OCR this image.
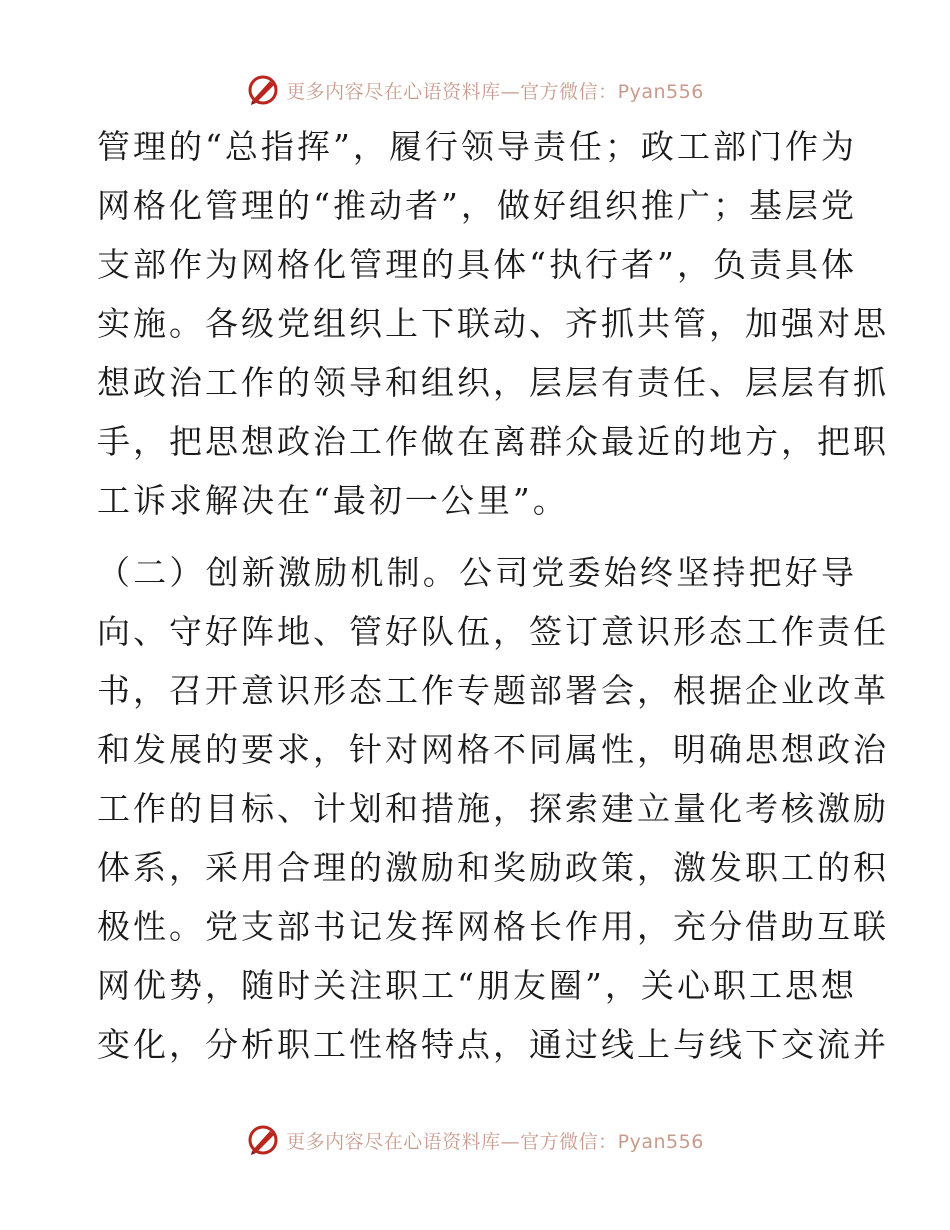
更多内容尽在心语资料库—官方微信：Pyan556
管理的“总指挥”，履行领导责任；政工部门作为
网格化管理的“推动者”，做好组织推广；基层党
支部作为网格化管理的具体“执行者”，负责具体
实施。各级党组织上下联动、齐抓共管，加强对思
想政治工作的领导和组织，层层有责任、层层有抓
手，把思想政治工作做在离群众最近的地方，把职
工诉求解决在“最初一公里”。
（二）创新激励机制。公司党委始终坚持把好导
向、守好阵地、管好队伍，签订意识形态工作责任
书，召开意识形态工作专题部署会，根据企业改革
和发展的要求，针对网格不同属性，明确思想政治
工作的目标、计划和措施，探索建立量化考核激励
体系，采用合理的激励和奖励政策，激发职工的积
极性。党支部书记发挥网格长作用，充分借助互联
网优势，随时关注职工“朋友圈”，关心职工思想
变化，分析职工性格特点，通过线上与线下交流并
更多内容尽在心语资料库—官方微信：Pyan556
